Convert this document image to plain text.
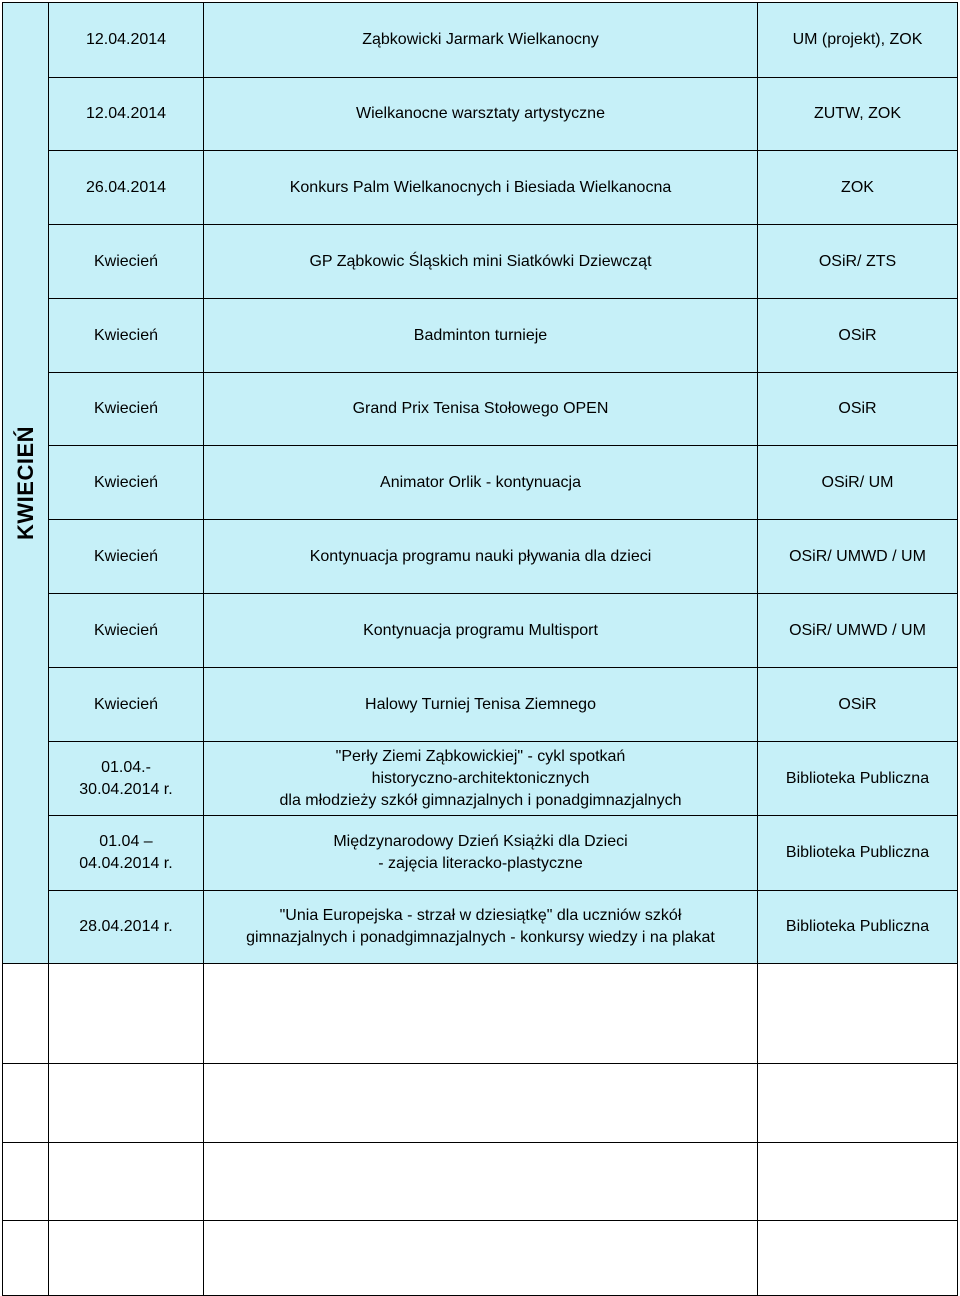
KWIECIEŃ	12.04.2014	Ząbkowicki Jarmark Wielkanocny	UM (projekt), ZOK

	12.04.2014	Wielkanocne warsztaty artystyczne	ZUTW, ZOK

	26.04.2014	Konkurs Palm Wielkanocnych i Biesiada Wielkanocna	ZOK

	Kwiecień	GP Ząbkowic Śląskich mini Siatkówki Dziewcząt	OSiR/ ZTS

	Kwiecień	Badminton turnieje	OSiR

	Kwiecień	Grand Prix Tenisa Stołowego OPEN	OSiR

	Kwiecień	Animator Orlik - kontynuacja	OSiR/ UM

	Kwiecień	Kontynuacja programu nauki pływania dla dzieci	OSiR/ UMWD / UM

	Kwiecień	Kontynuacja programu Multisport	OSiR/ UMWD / UM

	Kwiecień	Halowy Turniej Tenisa Ziemnego	OSiR

	01.04.-
30.04.2014 r.	"Perły Ziemi Ząbkowickiej" - cykl spotkań
historyczno-architektonicznych
dla młodzieży szkół gimnazjalnych i ponadgimnazjalnych	Biblioteka Publiczna

	01.04 –
04.04.2014 r.	Międzynarodowy Dzień Książki dla Dzieci
- zajęcia literacko-plastyczne	Biblioteka Publiczna

	28.04.2014 r.	"Unia Europejska - strzał w dziesiątkę" dla uczniów szkół
gimnazjalnych i ponadgimnazjalnych - konkursy wiedzy i na plakat	Biblioteka Publiczna
